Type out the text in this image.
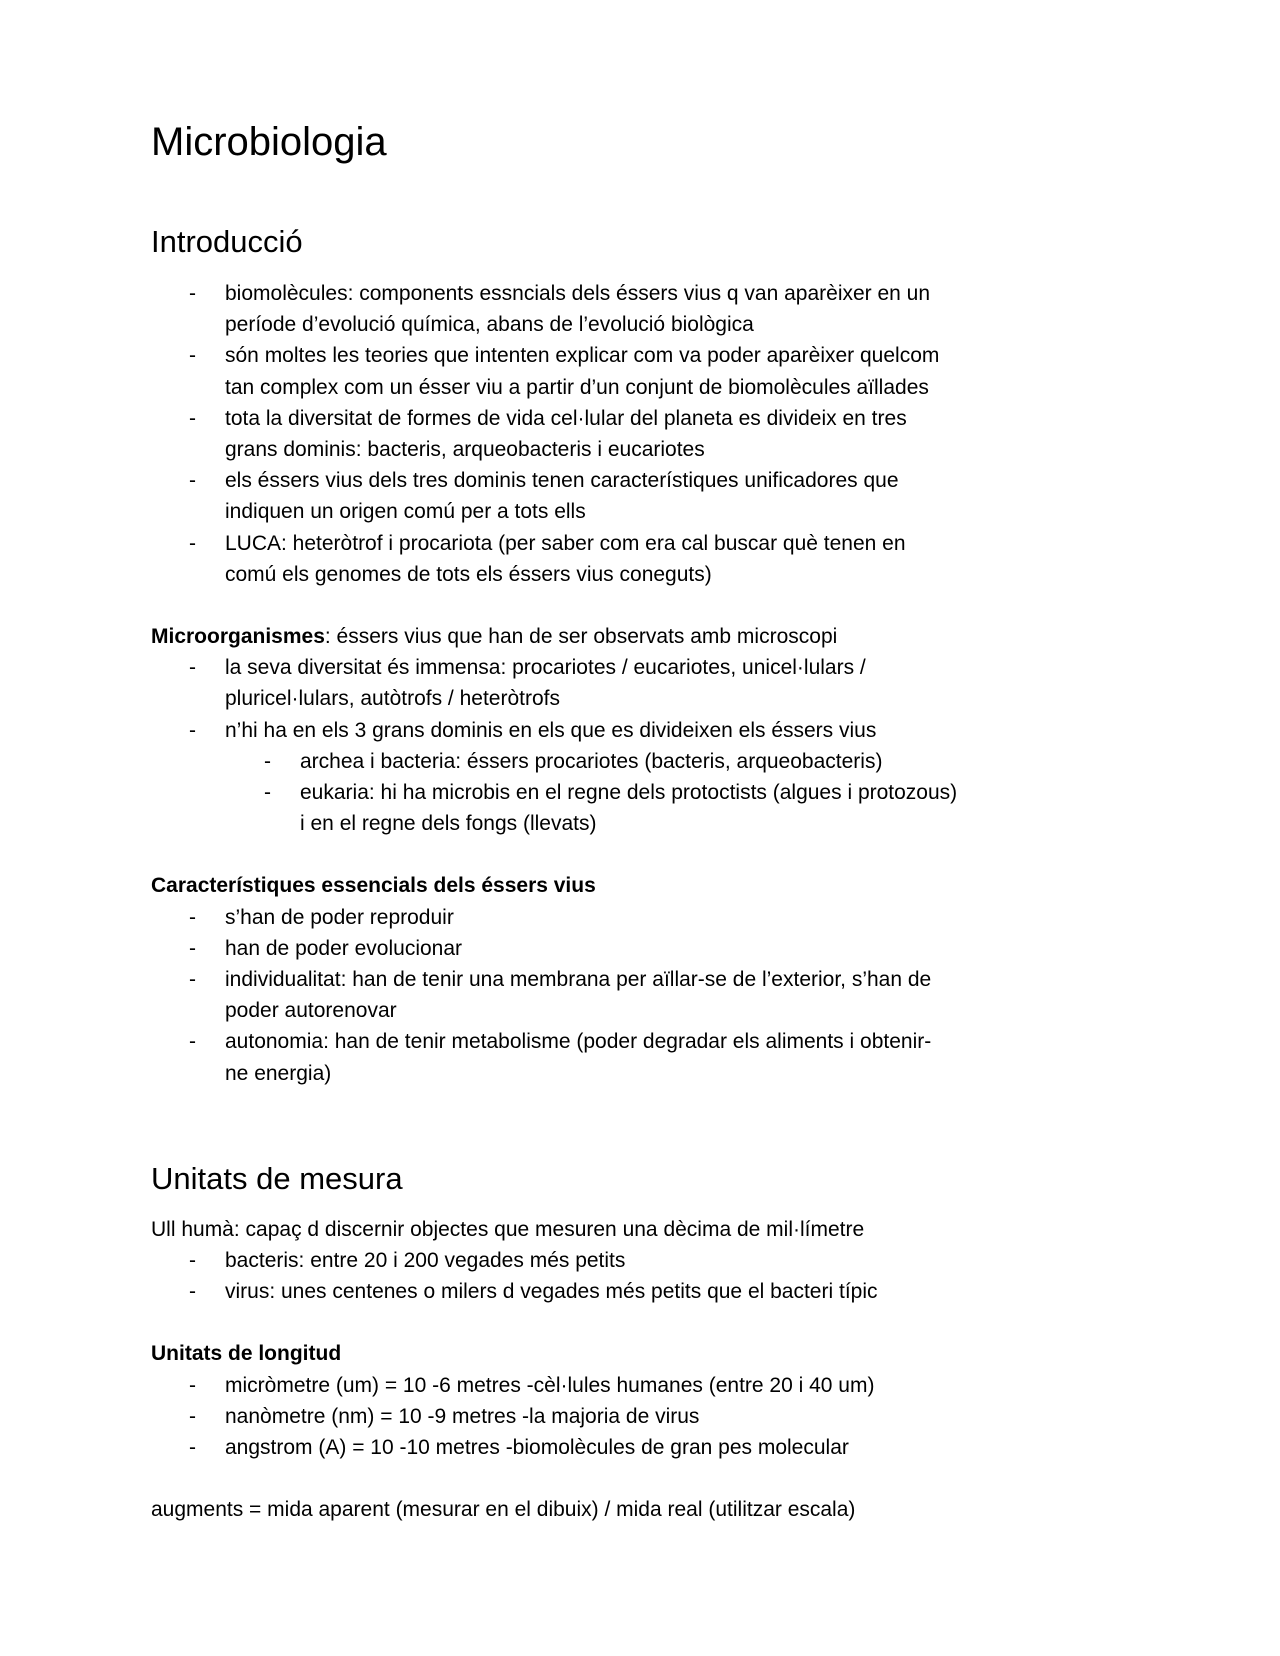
Microbiologia
Introducció
- biomolècules: components essncials dels éssers vius q van aparèixer en un període d’evolució química, abans de l’evolució biològica
- són moltes les teories que intenten explicar com va poder aparèixer quelcom tan complex com un ésser viu a partir d’un conjunt de biomolècules aïllades
- tota la diversitat de formes de vida cel·lular del planeta es divideix en tres grans dominis: bacteris, arqueobacteris i eucariotes
- els éssers vius dels tres dominis tenen característiques unificadores que indiquen un origen comú per a tots ells
- LUCA: heteròtrof i procariota (per saber com era cal buscar què tenen en comú els genomes de tots els éssers vius coneguts)
Microorganismes: éssers vius que han de ser observats amb microscopi
- la seva diversitat és immensa: procariotes / eucariotes, unicel·lulars / pluricel·lulars, autòtrofs / heteròtrofs
- n’hi ha en els 3 grans dominis en els que es divideixen els éssers vius
- archea i bacteria: éssers procariotes (bacteris, arqueobacteris)
- eukaria: hi ha microbis en el regne dels protoctists (algues i protozous) i en el regne dels fongs (llevats)
Característiques essencials dels éssers vius
- s’han de poder reproduir
- han de poder evolucionar
- individualitat: han de tenir una membrana per aïllar-se de l’exterior, s’han de poder autorenovar
- autonomia: han de tenir metabolisme (poder degradar els aliments i obtenir-ne energia)
Unitats de mesura
Ull humà: capaç d discernir objectes que mesuren una dècima de mil·límetre
- bacteris: entre 20 i 200 vegades més petits
- virus: unes centenes o milers d vegades més petits que el bacteri típic
Unitats de longitud
- micròmetre (um) = 10 -6 metres -cèl·lules humanes (entre 20 i 40 um)
- nanòmetre (nm) = 10 -9 metres -la majoria de virus
- angstrom (A) = 10 -10 metres -biomolècules de gran pes molecular
augments = mida aparent (mesurar en el dibuix) / mida real (utilitzar escala)
